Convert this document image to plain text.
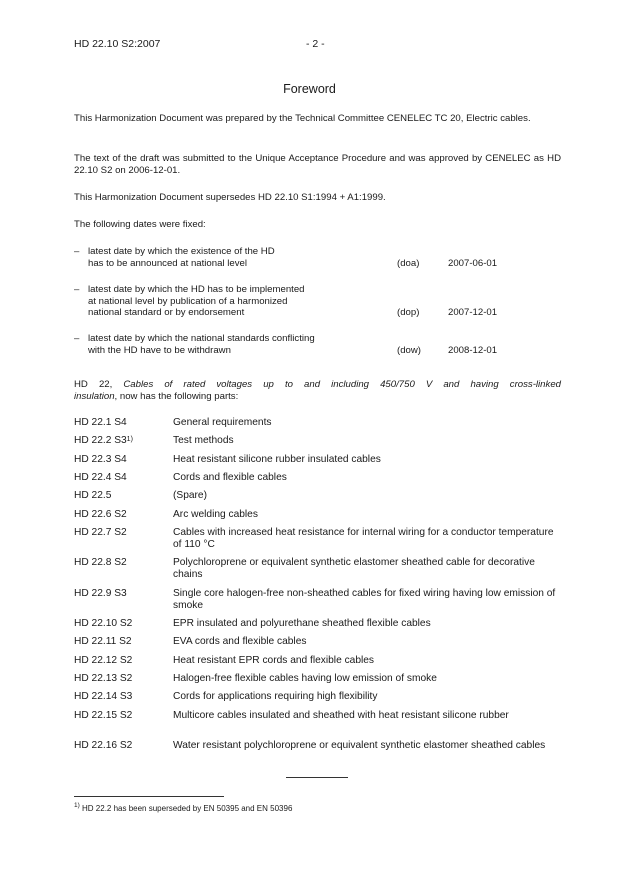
HD 22.10 S2:2007	- 2 -
Foreword
This Harmonization Document was prepared by the Technical Committee CENELEC TC 20, Electric cables.
The text of the draft was submitted to the Unique Acceptance Procedure and was approved by CENELEC as HD 22.10 S2 on 2006-12-01.
This Harmonization Document supersedes HD 22.10 S1:1994 + A1:1999.
The following dates were fixed:
– latest date by which the existence of the HD
has to be announced at national level	(doa)	2007-06-01
– latest date by which the HD has to be implemented
at national level by publication of a harmonized
national standard or by endorsement	(dop)	2007-12-01
– latest date by which the national standards conflicting
with the HD have to be withdrawn	(dow)	2008-12-01
HD 22, Cables of rated voltages up to and including 450/750 V and having cross-linked
insulation, now has the following parts:
HD 22.1 S4	General requirements
HD 22.2 S3$^{1)}$	Test methods
HD 22.3 S4	Heat resistant silicone rubber insulated cables
HD 22.4 S4	Cords and flexible cables
HD 22.5	(Spare)
HD 22.6 S2	Arc welding cables
HD 22.7 S2	Cables with increased heat resistance for internal wiring for a conductor temperature of 110 °C
HD 22.8 S2	Polychloroprene or equivalent synthetic elastomer sheathed cable for decorative chains
HD 22.9 S3	Single core halogen-free non-sheathed cables for fixed wiring having low emission of smoke
HD 22.10 S2	EPR insulated and polyurethane sheathed flexible cables
HD 22.11 S2	EVA cords and flexible cables
HD 22.12 S2	Heat resistant EPR cords and flexible cables
HD 22.13 S2	Halogen-free flexible cables having low emission of smoke
HD 22.14 S3	Cords for applications requiring high flexibility
HD 22.15 S2	Multicore cables insulated and sheathed with heat resistant silicone rubber
HD 22.16 S2	Water resistant polychloroprene or equivalent synthetic elastomer sheathed cables
$^{1)}$ HD 22.2 has been superseded by EN 50395 and EN 50396
